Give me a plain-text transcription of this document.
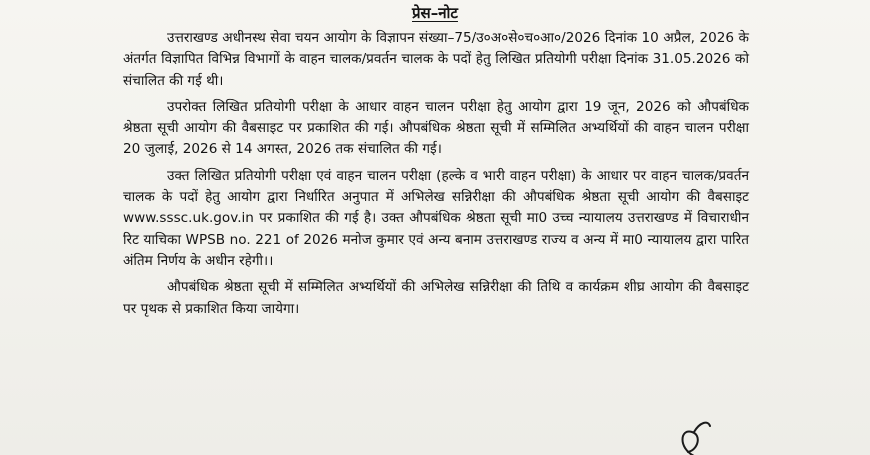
प्रेस–नोट

उत्तराखण्ड अधीनस्थ सेवा चयन आयोग के विज्ञापन संख्या–75/उ०अ०से०च०आ०/2026 दिनांक 10 अप्रैल, 2026 के अंतर्गत विज्ञापित विभिन्न विभागों के वाहन चालक/प्रवर्तन चालक के पदों हेतु लिखित प्रतियोगी परीक्षा दिनांक 31.05.2026 को संचालित की गई थी।

उपरोक्त लिखित प्रतियोगी परीक्षा के आधार वाहन चालन परीक्षा हेतु आयोग द्वारा 19 जून, 2026 को औपबंधिक श्रेष्ठता सूची आयोग की वैबसाइट पर प्रकाशित की गई। औपबंधिक श्रेष्ठता सूची में सम्मिलित अभ्यर्थियों की वाहन चालन परीक्षा 20 जुलाई, 2026 से 14 अगस्त, 2026 तक संचालित की गई।

उक्त लिखित प्रतियोगी परीक्षा एवं वाहन चालन परीक्षा (हल्के व भारी वाहन परीक्षा) के आधार पर वाहन चालक/प्रवर्तन चालक के पदों हेतु आयोग द्वारा निर्धारित अनुपात में अभिलेख सन्निरीक्षा की औपबंधिक श्रेष्ठता सूची आयोग की वैबसाइट www.sssc.uk.gov.in पर प्रकाशित की गई है। उक्त औपबंधिक श्रेष्ठता सूची मा0 उच्च न्यायालय उत्तराखण्ड में विचाराधीन रिट याचिका WPSB no. 221 of 2026 मनोज कुमार एवं अन्य बनाम उत्तराखण्ड राज्य व अन्य में मा0 न्यायालय द्वारा पारित अंतिम निर्णय के अधीन रहेगी।।

औपबंधिक श्रेष्ठता सूची में सम्मिलित अभ्यर्थियों की अभिलेख सन्निरीक्षा की तिथि व कार्यक्रम शीघ्र आयोग की वैबसाइट पर पृथक से प्रकाशित किया जायेगा।
